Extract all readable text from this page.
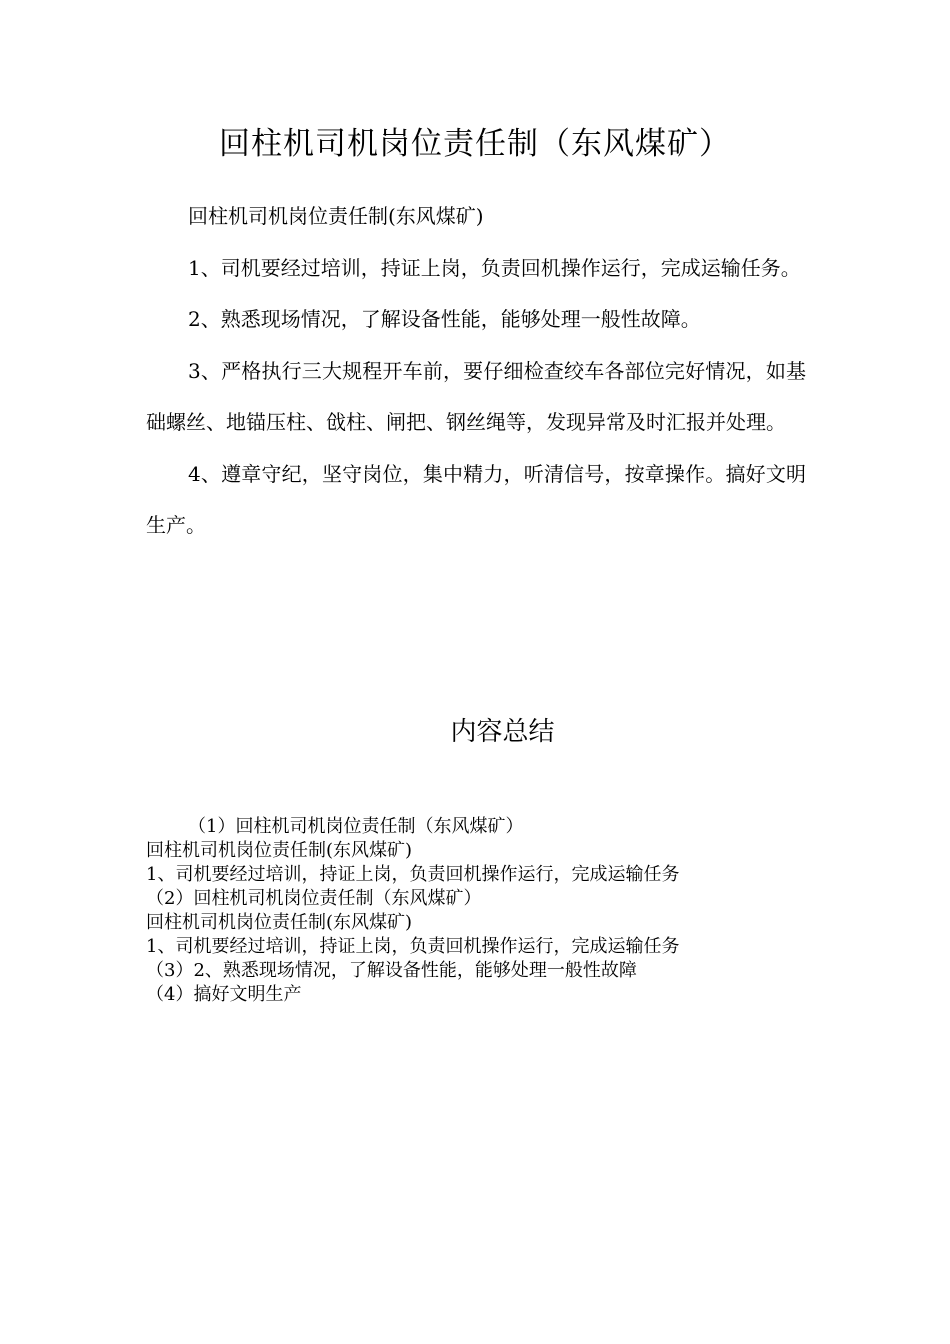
回柱机司机岗位责任制（东风煤矿）

回柱机司机岗位责任制(东风煤矿)

1、司机要经过培训，持证上岗，负责回机操作运行，完成运输任务。

2、熟悉现场情况，了解设备性能，能够处理一般性故障。

3、严格执行三大规程开车前，要仔细检查绞车各部位完好情况，如基础螺丝、地锚压柱、戗柱、闸把、钢丝绳等，发现异常及时汇报并处理。

4、遵章守纪，坚守岗位，集中精力，听清信号，按章操作。搞好文明生产。

内容总结
（1）回柱机司机岗位责任制（东风煤矿）
回柱机司机岗位责任制(东风煤矿)
1、司机要经过培训，持证上岗，负责回机操作运行，完成运输任务
（2）回柱机司机岗位责任制（东风煤矿）
回柱机司机岗位责任制(东风煤矿)
1、司机要经过培训，持证上岗，负责回机操作运行，完成运输任务
（3）2、熟悉现场情况，了解设备性能，能够处理一般性故障
（4）搞好文明生产
